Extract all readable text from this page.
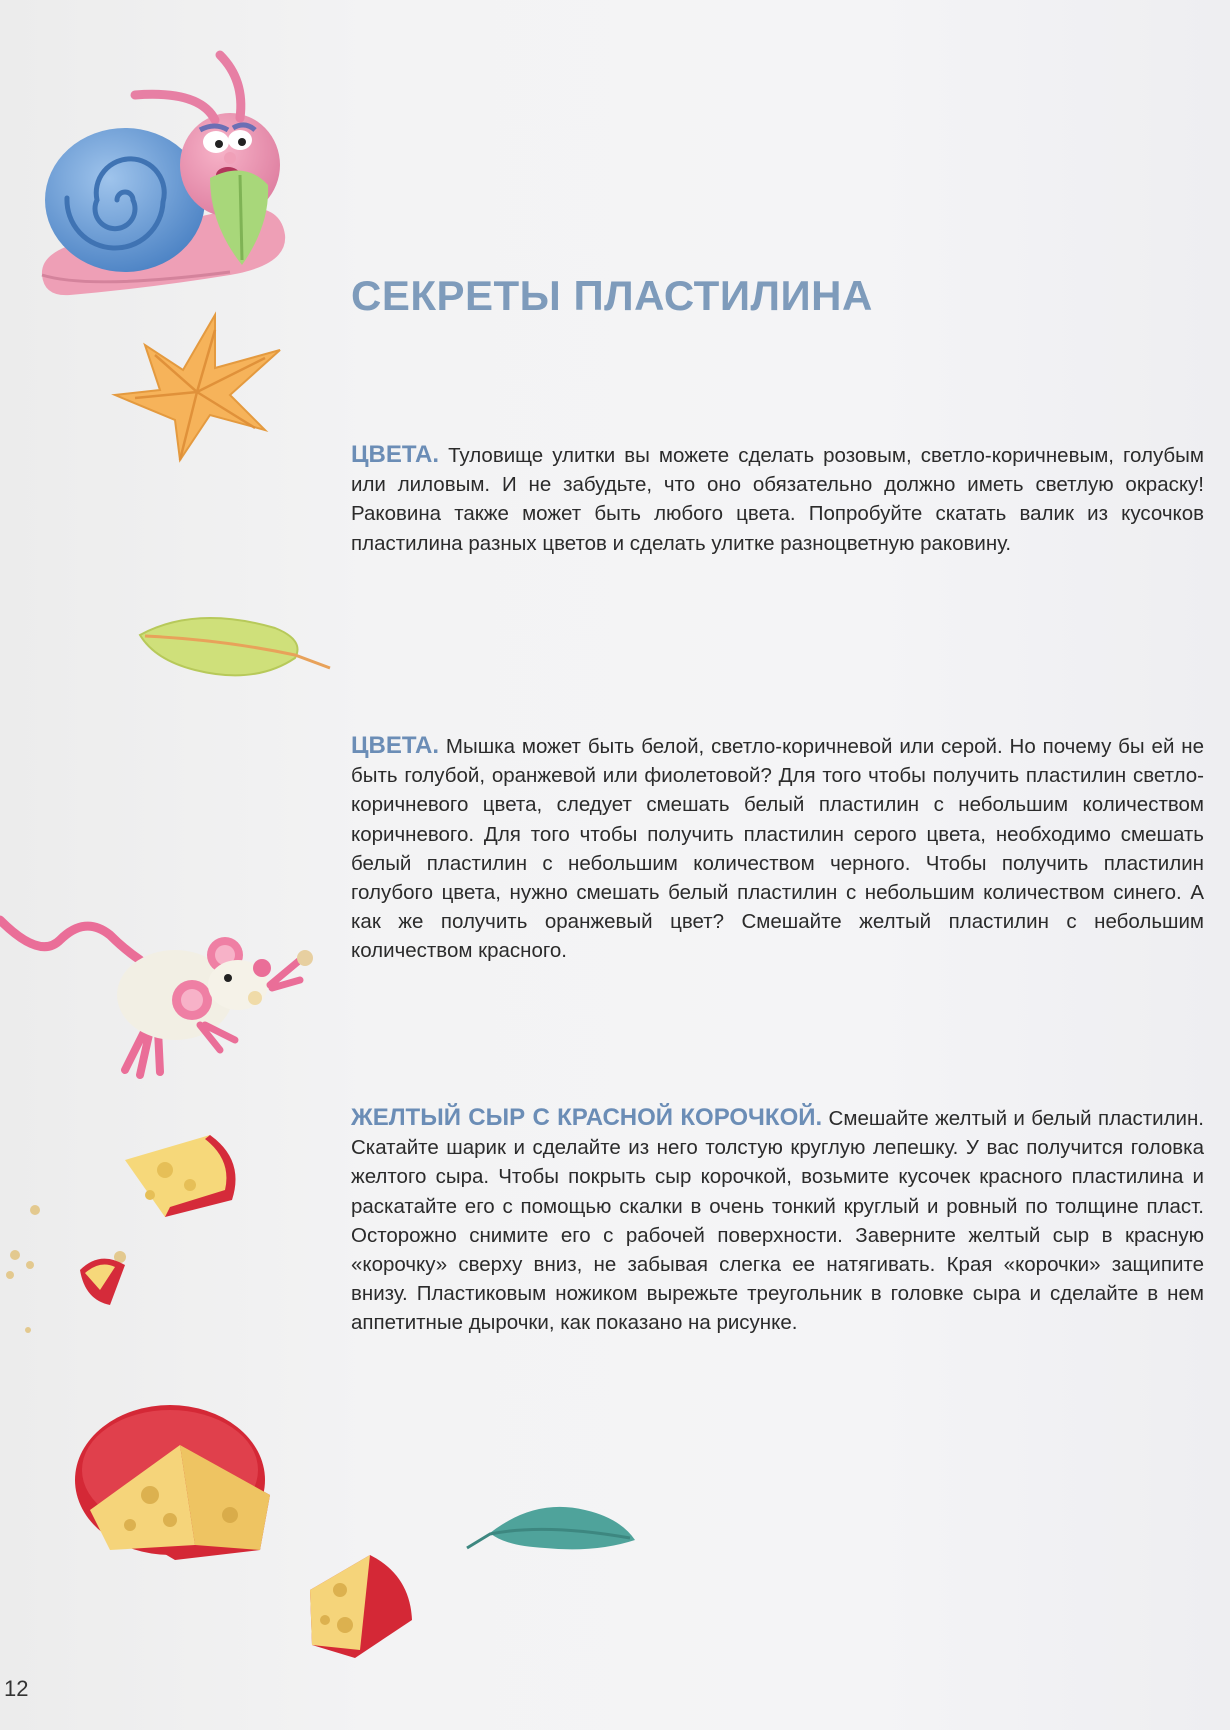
СЕКРЕТЫ ПЛАСТИЛИНА

ЦВЕТА. Туловище улитки вы можете сделать розовым, светло-коричневым, голубым или лиловым. И не забудьте, что оно обязательно должно иметь светлую окраску! Раковина также может быть любого цвета. Попробуйте скатать валик из кусочков пластилина разных цветов и сделать улитке разноцветную раковину.

ЦВЕТА. Мышка может быть белой, светло-коричневой или серой. Но почему бы ей не быть голубой, оранжевой или фиолетовой? Для того чтобы получить пластилин светло-коричневого цвета, следует смешать белый пластилин с небольшим количеством коричневого. Для того чтобы получить пластилин серого цвета, необходимо смешать белый пластилин с небольшим количеством черного. Чтобы получить пластилин голубого цвета, нужно смешать белый пластилин с небольшим количеством синего. А как же получить оранжевый цвет? Смешайте желтый пластилин с небольшим количеством красного.

ЖЕЛТЫЙ СЫР С КРАСНОЙ КОРОЧКОЙ. Смешайте желтый и белый пластилин. Скатайте шарик и сделайте из него толстую круглую лепешку. У вас получится головка желтого сыра. Чтобы покрыть сыр корочкой, возьмите кусочек красного пластилина и раскатайте его с помощью скалки в очень тонкий круглый и ровный по толщине пласт. Осторожно снимите его с рабочей поверхности. Заверните желтый сыр в красную «корочку» сверху вниз, не забывая слегка ее натягивать. Края «корочки» защипите внизу. Пластиковым ножиком вырежьте треугольник в головке сыра и сделайте в нем аппетитные дырочки, как показано на рисунке.

12
